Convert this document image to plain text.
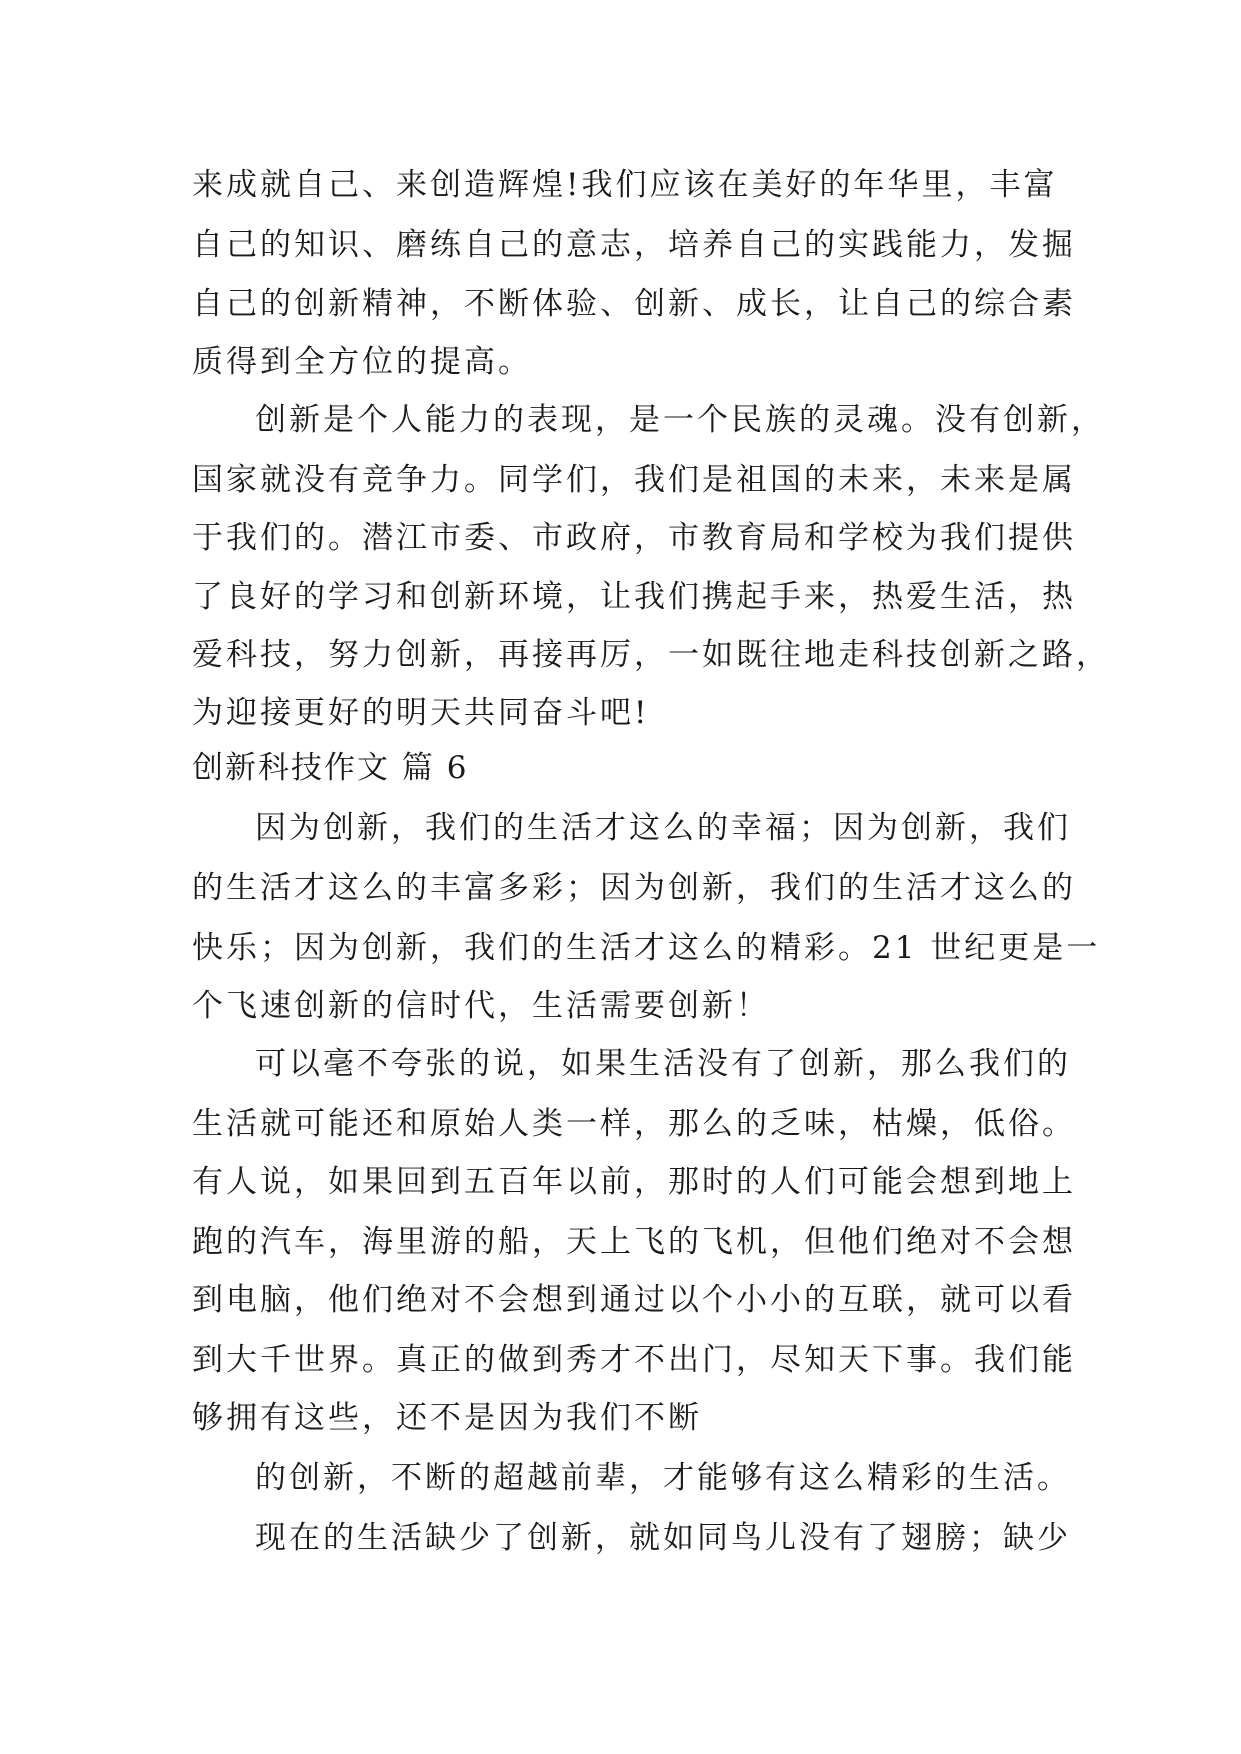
来成就自己、来创造辉煌!我们应该在美好的年华里，丰富
自己的知识、磨练自己的意志，培养自己的实践能力，发掘
自己的创新精神，不断体验、创新、成长，让自己的综合素
质得到全方位的提高。
创新是个人能力的表现，是一个民族的灵魂。没有创新，
国家就没有竞争力。同学们，我们是祖国的未来，未来是属
于我们的。潜江市委、市政府，市教育局和学校为我们提供
了良好的学习和创新环境，让我们携起手来，热爱生活，热
爱科技，努力创新，再接再厉，一如既往地走科技创新之路，
为迎接更好的明天共同奋斗吧!
创新科技作文 篇 6
因为创新，我们的生活才这么的幸福；因为创新，我们
的生活才这么的丰富多彩；因为创新，我们的生活才这么的
快乐；因为创新，我们的生活才这么的精彩。21 世纪更是一
个飞速创新的信时代，生活需要创新！
可以毫不夸张的说，如果生活没有了创新，那么我们的
生活就可能还和原始人类一样，那么的乏味，枯燥，低俗。
有人说，如果回到五百年以前，那时的人们可能会想到地上
跑的汽车，海里游的船，天上飞的飞机，但他们绝对不会想
到电脑，他们绝对不会想到通过以个小小的互联，就可以看
到大千世界。真正的做到秀才不出门，尽知天下事。我们能
够拥有这些，还不是因为我们不断
的创新，不断的超越前辈，才能够有这么精彩的生活。
现在的生活缺少了创新，就如同鸟儿没有了翅膀；缺少
